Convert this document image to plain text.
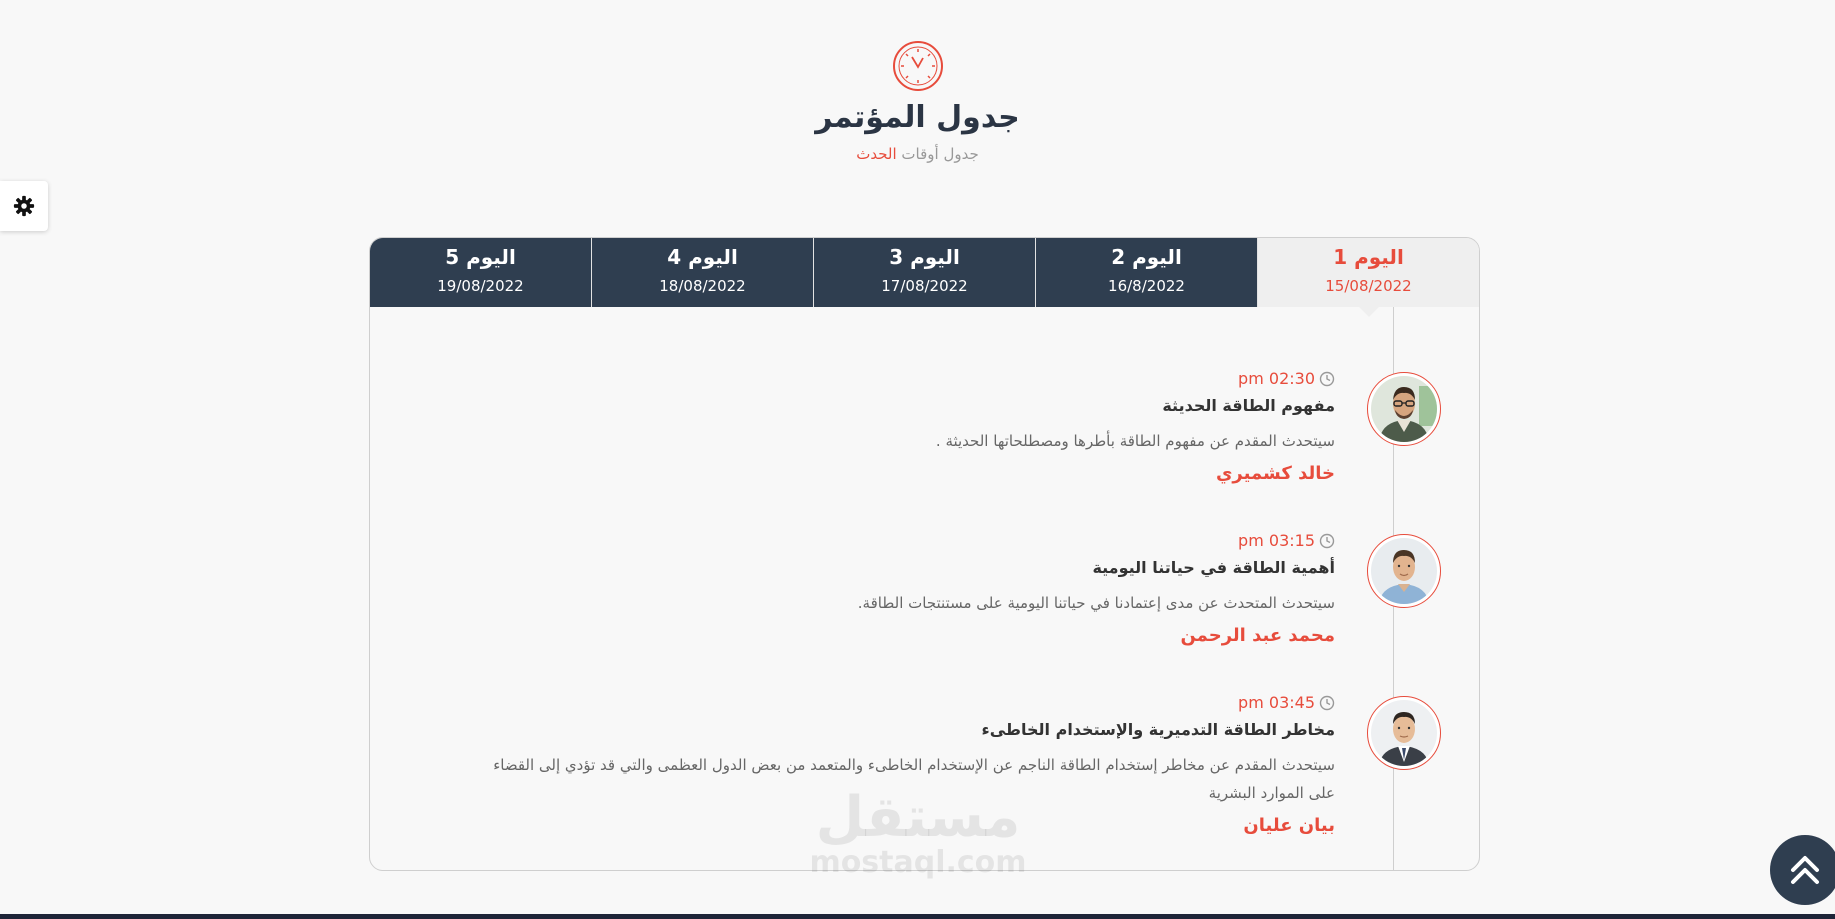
جدول المؤتمر
جدول أوقات الحدث
اليوم 5
19/08/2022
اليوم 4
18/08/2022
اليوم 3
17/08/2022
اليوم 2
16/8/2022
اليوم 1
15/08/2022
02:30 pm
مفهوم الطاقة الحديثة
سيتحدث المقدم عن مفهوم الطاقة بأطرها ومصطلحاتها الحديثة .
خالد كشميري
03:15 pm
أهمية الطاقة في حياتنا اليومية
سيتحدث المتحدث عن مدى إعتمادنا في حياتنا اليومية على مستنتجات الطاقة.
محمد عبد الرحمن
03:45 pm
مخاطر الطاقة التدميرية والإستخدام الخاطىء
سيتحدث المقدم عن مخاطر إستخدام الطاقة الناجم عن الإستخدام الخاطىء والمتعمد من بعض الدول العظمى والتي قد تؤدي إلى القضاء على الموارد البشرية
بيان عليان
